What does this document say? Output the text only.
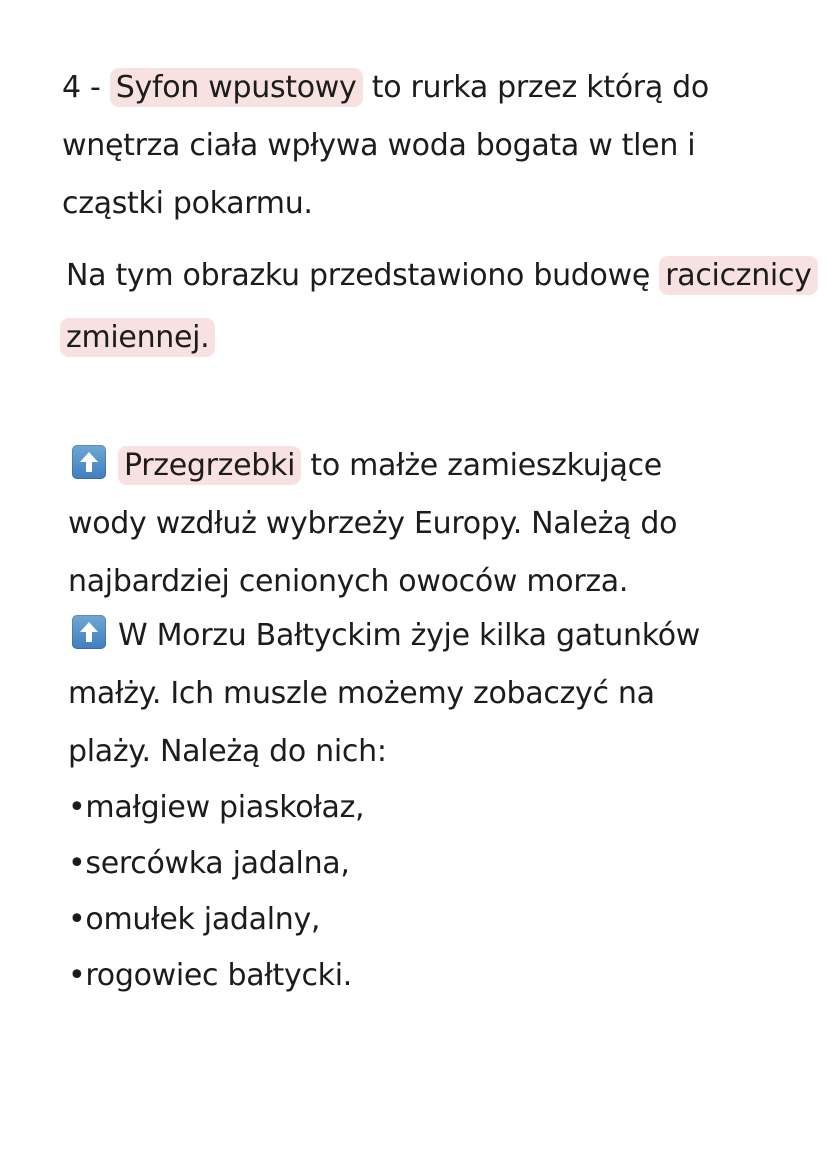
4 - Syfon wpustowy to rurka przez którą do
wnętrza ciała wpływa woda bogata w tlen i
cząstki pokarmu.
Na tym obrazku przedstawiono budowę racicznicy
zmiennej.
Przegrzebki to małże zamieszkujące
wody wzdłuż wybrzeży Europy. Należą do
najbardziej cenionych owoców morza.
W Morzu Bałtyckim żyje kilka gatunków
małży. Ich muszle możemy zobaczyć na
plaży. Należą do nich:
•małgiew piaskołaz,
•sercówka jadalna,
•omułek jadalny,
•rogowiec bałtycki.
